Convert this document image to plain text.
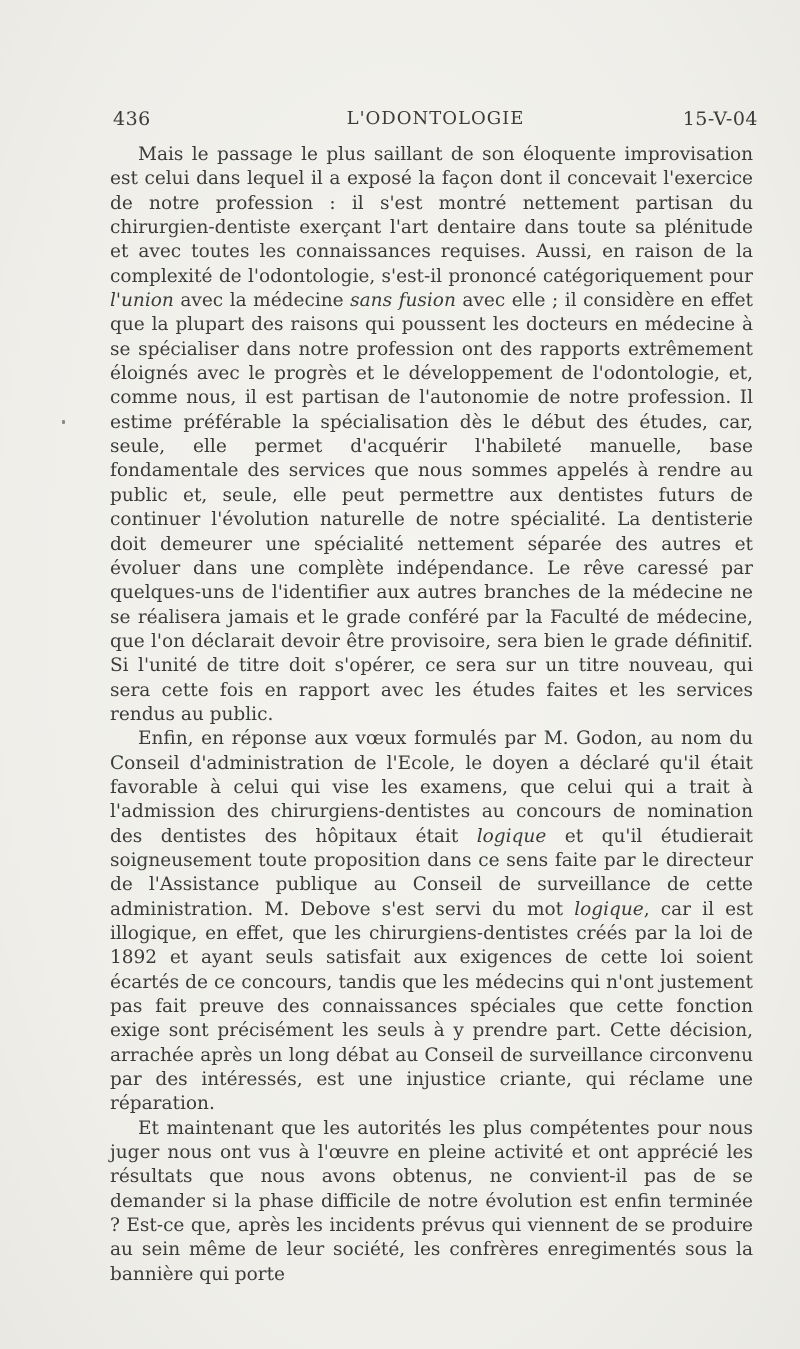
436	L'ODONTOLOGIE	15-V-04

Mais le passage le plus saillant de son éloquente improvisation est celui dans lequel il a exposé la façon dont il concevait l'exercice de notre profession : il s'est montré nettement partisan du chirurgien-dentiste exerçant l'art dentaire dans toute sa plénitude et avec toutes les connaissances requises. Aussi, en raison de la complexité de l'odontologie, s'est-il prononcé catégoriquement pour l'union avec la médecine sans fusion avec elle ; il considère en effet que la plupart des raisons qui poussent les docteurs en médecine à se spécialiser dans notre profession ont des rapports extrêmement éloignés avec le progrès et le développement de l'odontologie, et, comme nous, il est partisan de l'autonomie de notre profession. Il estime préférable la spécialisation dès le début des études, car, seule, elle permet d'acquérir l'habileté manuelle, base fondamentale des services que nous sommes appelés à rendre au public et, seule, elle peut permettre aux dentistes futurs de continuer l'évolution naturelle de notre spécialité. La dentisterie doit demeurer une spécialité nettement séparée des autres et évoluer dans une complète indépendance. Le rêve caressé par quelques-uns de l'identifier aux autres branches de la médecine ne se réalisera jamais et le grade conféré par la Faculté de médecine, que l'on déclarait devoir être provisoire, sera bien le grade définitif. Si l'unité de titre doit s'opérer, ce sera sur un titre nouveau, qui sera cette fois en rapport avec les études faites et les services rendus au public.

Enfin, en réponse aux vœux formulés par M. Godon, au nom du Conseil d'administration de l'Ecole, le doyen a déclaré qu'il était favorable à celui qui vise les examens, que celui qui a trait à l'admission des chirurgiens-dentistes au concours de nomination des dentistes des hôpitaux était logique et qu'il étudierait soigneusement toute proposition dans ce sens faite par le directeur de l'Assistance publique au Conseil de surveillance de cette administration. M. Debove s'est servi du mot logique, car il est illogique, en effet, que les chirurgiens-dentistes créés par la loi de 1892 et ayant seuls satisfait aux exigences de cette loi soient écartés de ce concours, tandis que les médecins qui n'ont justement pas fait preuve des connaissances spéciales que cette fonction exige sont précisément les seuls à y prendre part. Cette décision, arrachée après un long débat au Conseil de surveillance circonvenu par des intéressés, est une injustice criante, qui réclame une réparation.

Et maintenant que les autorités les plus compétentes pour nous juger nous ont vus à l'œuvre en pleine activité et ont apprécié les résultats que nous avons obtenus, ne convient-il pas de se demander si la phase difficile de notre évolution est enfin terminée ? Est-ce que, après les incidents prévus qui viennent de se produire au sein même de leur société, les confrères enregimentés sous la bannière qui porte
